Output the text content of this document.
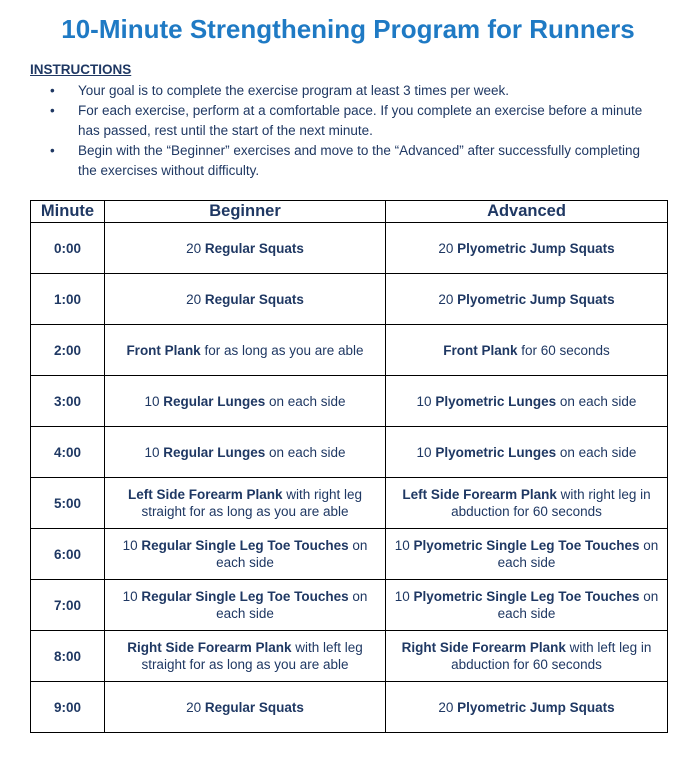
10-Minute Strengthening Program for Runners
INSTRUCTIONS
• Your goal is to complete the exercise program at least 3 times per week.
• For each exercise, perform at a comfortable pace. If you complete an exercise before a minute has passed, rest until the start of the next minute.
• Begin with the “Beginner” exercises and move to the “Advanced” after successfully completing the exercises without difficulty.
Minute	Beginner	Advanced
0:00	20 Regular Squats	20 Plyometric Jump Squats
1:00	20 Regular Squats	20 Plyometric Jump Squats
2:00	Front Plank for as long as you are able	Front Plank for 60 seconds
3:00	10 Regular Lunges on each side	10 Plyometric Lunges on each side
4:00	10 Regular Lunges on each side	10 Plyometric Lunges on each side
5:00	Left Side Forearm Plank with right leg straight for as long as you are able	Left Side Forearm Plank with right leg in abduction for 60 seconds
6:00	10 Regular Single Leg Toe Touches on each side	10 Plyometric Single Leg Toe Touches on each side
7:00	10 Regular Single Leg Toe Touches on each side	10 Plyometric Single Leg Toe Touches on each side
8:00	Right Side Forearm Plank with left leg straight for as long as you are able	Right Side Forearm Plank with left leg in abduction for 60 seconds
9:00	20 Regular Squats	20 Plyometric Jump Squats
